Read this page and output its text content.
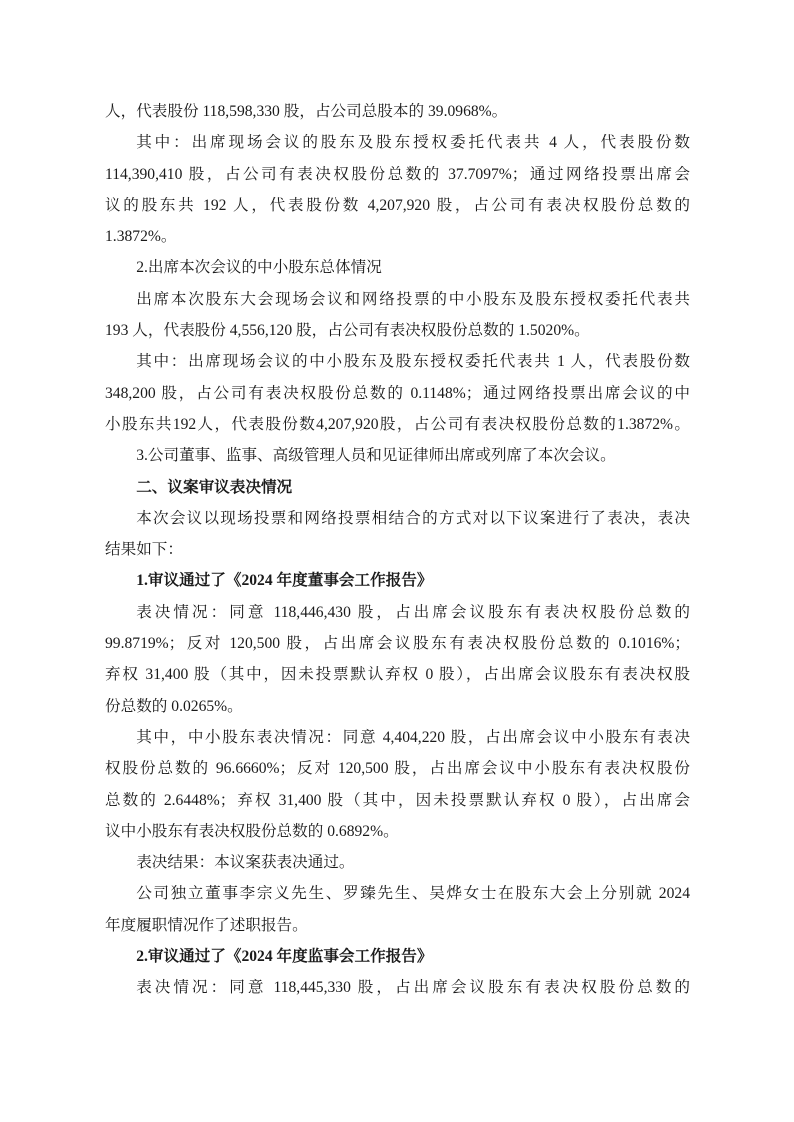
人，代表股份 118,598,330 股，占公司总股本的 39.0968%。
其中：出席现场会议的股东及股东授权委托代表共 4 人，代表股份数
114,390,410 股，占公司有表决权股份总数的 37.7097%；通过网络投票出席会
议的股东共 192 人，代表股份数 4,207,920 股，占公司有表决权股份总数的
1.3872%。
2.出席本次会议的中小股东总体情况
出席本次股东大会现场会议和网络投票的中小股东及股东授权委托代表共
193 人，代表股份 4,556,120 股，占公司有表决权股份总数的 1.5020%。
其中：出席现场会议的中小股东及股东授权委托代表共 1 人，代表股份数
348,200 股，占公司有表决权股份总数的 0.1148%；通过网络投票出席会议的中
小股东共192人，代表股份数4,207,920股，占公司有表决权股份总数的1.3872%。
3.公司董事、监事、高级管理人员和见证律师出席或列席了本次会议。
二、议案审议表决情况
本次会议以现场投票和网络投票相结合的方式对以下议案进行了表决，表决
结果如下：
1.审议通过了《2024 年度董事会工作报告》
表决情况：同意 118,446,430 股，占出席会议股东有表决权股份总数的
99.8719%；反对 120,500 股，占出席会议股东有表决权股份总数的 0.1016%；
弃权 31,400 股（其中，因未投票默认弃权 0 股），占出席会议股东有表决权股
份总数的 0.0265%。
其中，中小股东表决情况：同意 4,404,220 股，占出席会议中小股东有表决
权股份总数的 96.6660%；反对 120,500 股，占出席会议中小股东有表决权股份
总数的 2.6448%；弃权 31,400 股（其中，因未投票默认弃权 0 股），占出席会
议中小股东有表决权股份总数的 0.6892%。
表决结果：本议案获表决通过。
公司独立董事李宗义先生、罗臻先生、吴烨女士在股东大会上分别就 2024
年度履职情况作了述职报告。
2.审议通过了《2024 年度监事会工作报告》
表决情况：同意 118,445,330 股，占出席会议股东有表决权股份总数的
